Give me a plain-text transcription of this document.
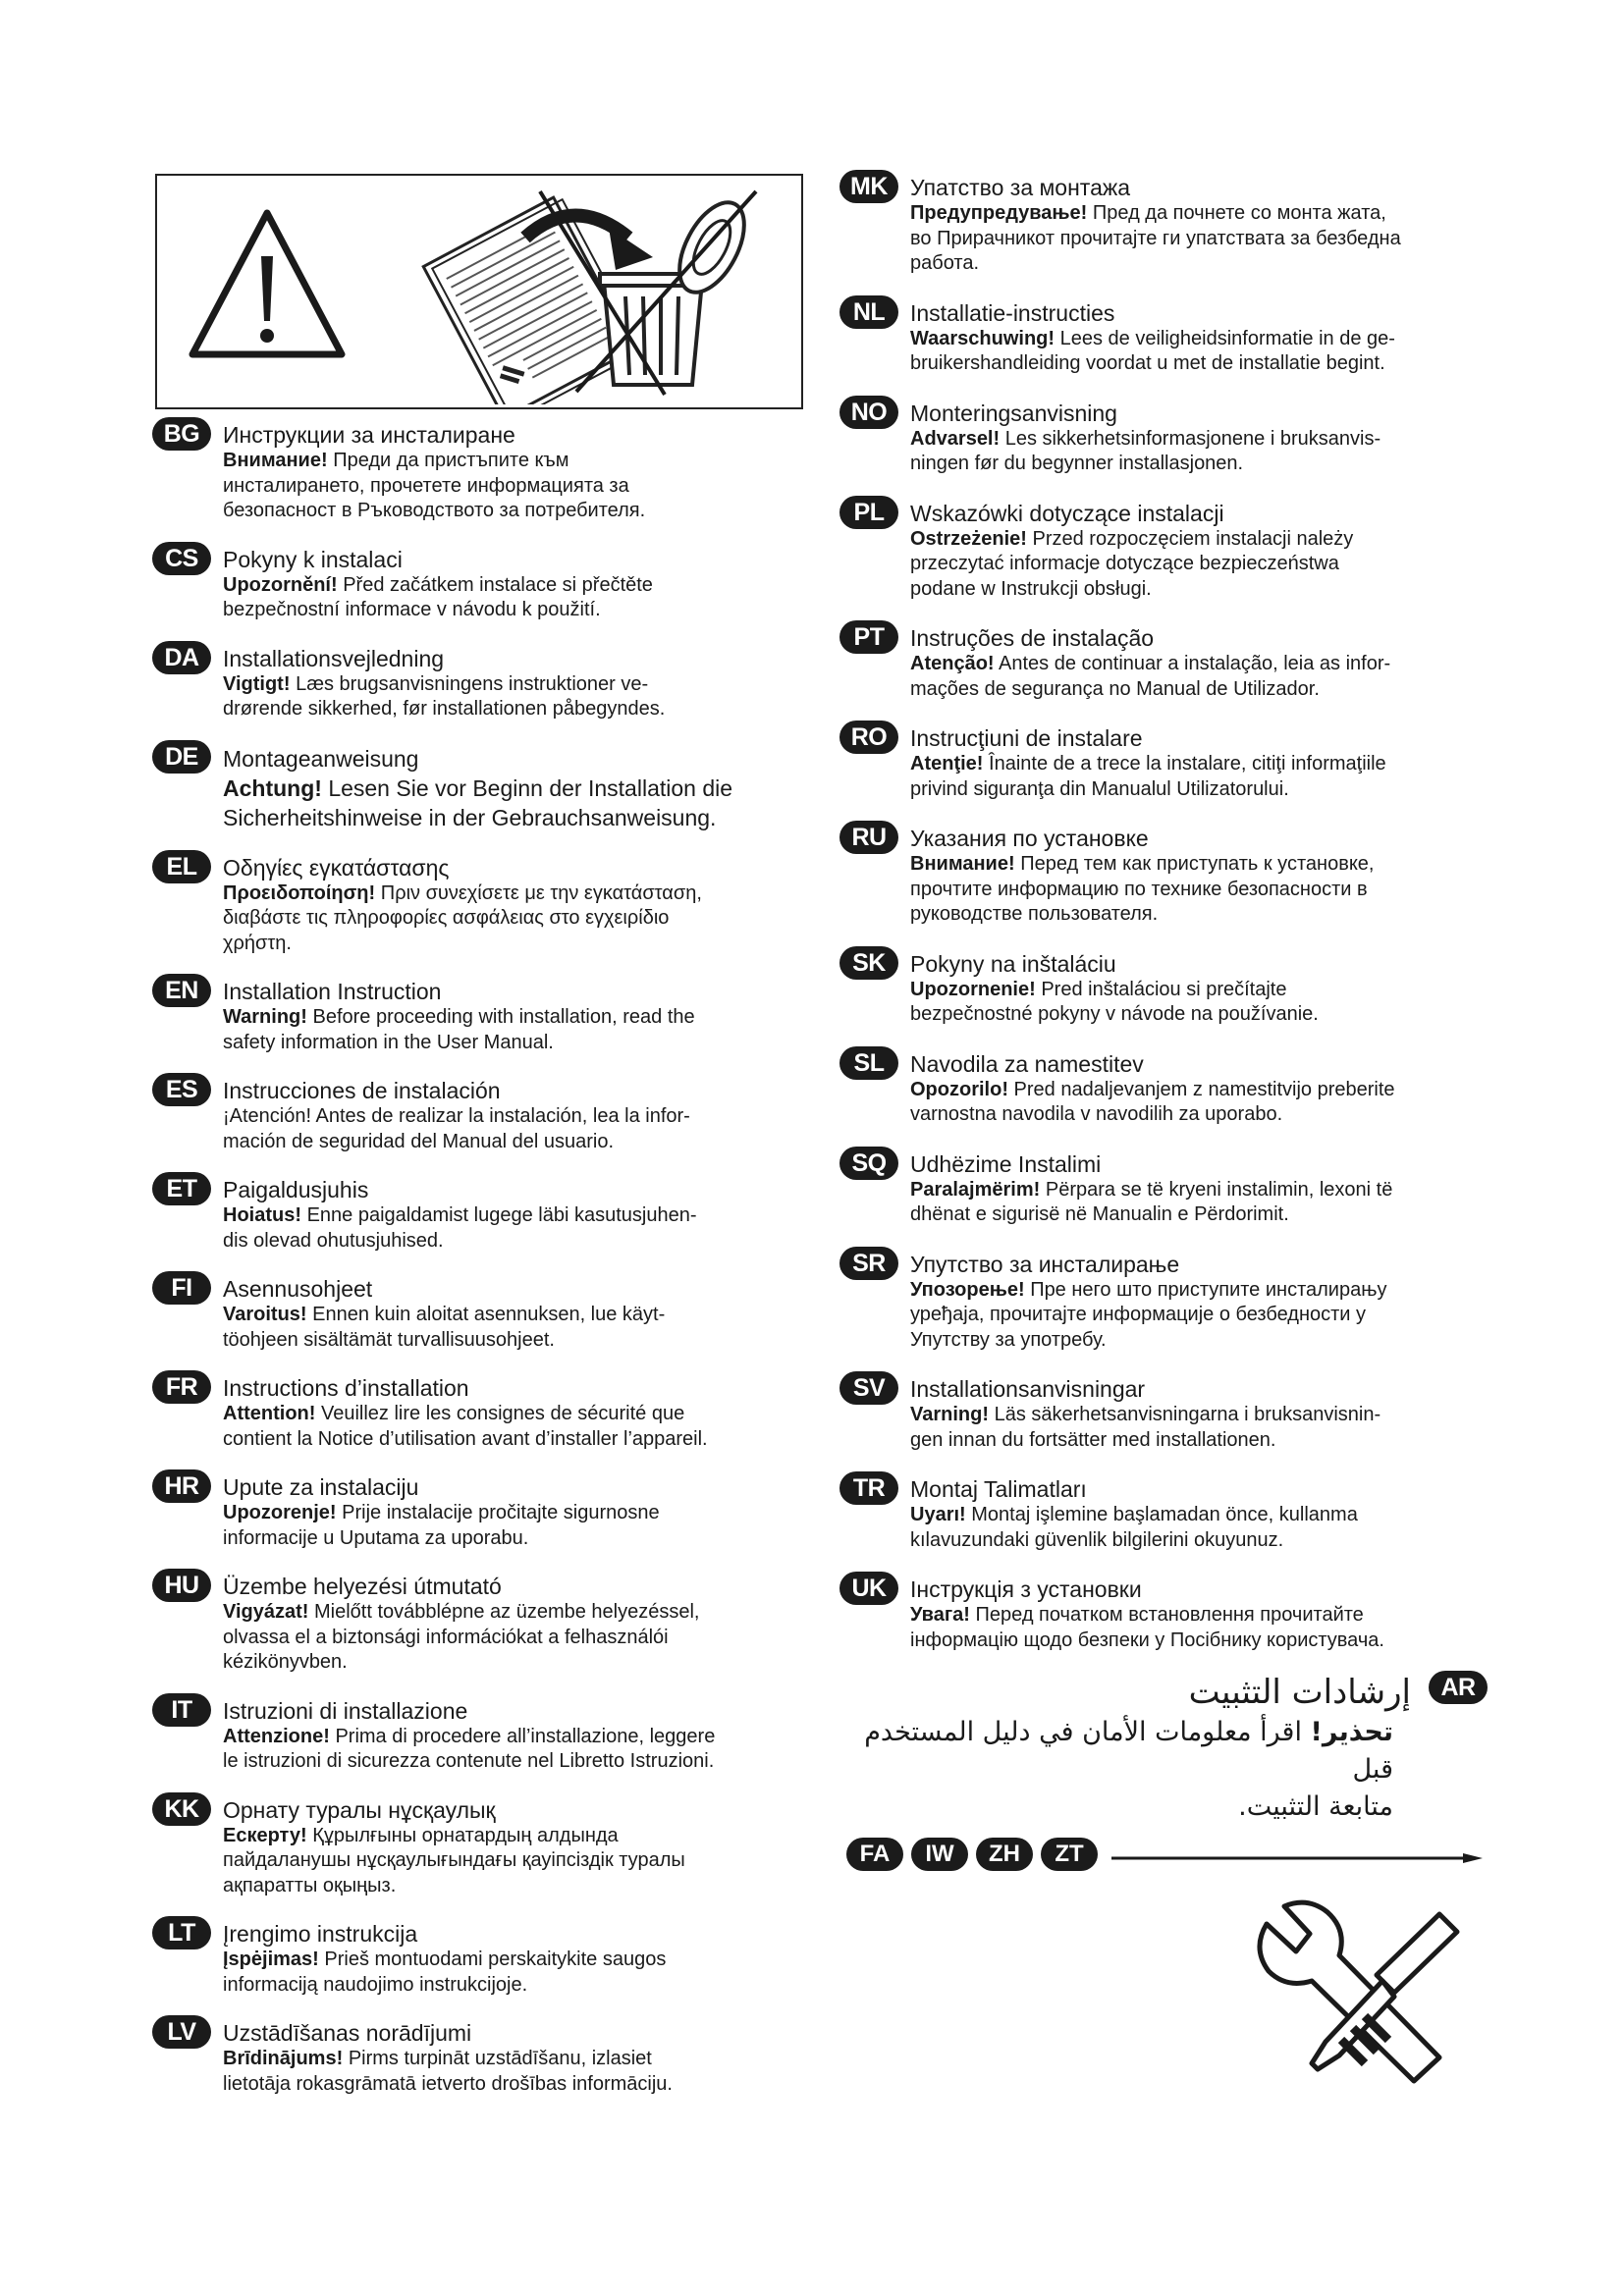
BG	Инструкции за инсталиране

Внимание! Преди да пристъпите към
инсталирането, прочетете информацията за
безопасност в Ръководството за потребителя.

CS	Pokyny k instalaci

Upozornění! Před začátkem instalace si přečtěte
bezpečnostní informace v návodu k použití.

DA	Installationsvejledning

Vigtigt! Læs brugsanvisningens instruktioner ve-
drørende sikkerhed, før installationen påbegyndes.

DE	Montageanweisung

Achtung! Lesen Sie vor Beginn der Installation die
Sicherheitshinweise in der Gebrauchsanweisung.

EL	Οδηγίες εγκατάστασης

Προειδοποίηση! Πριν συνεχίσετε με την εγκατάσταση,
διαβάστε τις πληροφορίες ασφάλειας στο εγχειρίδιο
χρήστη.

EN	Installation Instruction

Warning! Before proceeding with installation, read the
safety information in the User Manual.

ES	Instrucciones de instalación

¡Atención! Antes de realizar la instalación, lea la infor-
mación de seguridad del Manual del usuario.

ET	Paigaldusjuhis

Hoiatus! Enne paigaldamist lugege läbi kasutusjuhen-
dis olevad ohutusjuhised.

FI	Asennusohjeet

Varoitus! Ennen kuin aloitat asennuksen, lue käyt-
töohjeen sisältämät turvallisuusohjeet.

FR	Instructions d’installation

Attention! Veuillez lire les consignes de sécurité que
contient la Notice d’utilisation avant d’installer l’appareil.

HR	Upute za instalaciju

Upozorenje! Prije instalacije pročitajte sigurnosne
informacije u Uputama za uporabu.

HU	Üzembe helyezési útmutató

Vigyázat! Mielőtt továbblépne az üzembe helyezéssel,
olvassa el a biztonsági információkat a felhasználói
kézikönyvben.

IT	Istruzioni di installazione

Attenzione! Prima di procedere all’installazione, leggere
le istruzioni di sicurezza contenute nel Libretto Istruzioni.

KK	Орнату туралы нұсқаулық

Ескерту! Құрылғыны орнатардың алдында
пайдаланушы нұсқаулығындағы қауіпсіздік туралы
ақпаратты оқыңыз.

LT	Įrengimo instrukcija

Įspėjimas! Prieš montuodami perskaitykite saugos
informaciją naudojimo instrukcijoje.

LV	Uzstādīšanas norādījumi

Brīdinājums! Pirms turpināt uzstādīšanu, izlasiet
lietotāja rokasgrāmatā ietverto drošības informāciju.

MK	Упатство за монтажа

Предупредување! Пред да почнете со монта жата,
во Прирачникот прочитајте ги упатствата за безбедна
работа.

NL	Installatie-instructies

Waarschuwing! Lees de veiligheidsinformatie in de ge-
bruikershandleiding voordat u met de installatie begint.

NO	Monteringsanvisning

Advarsel! Les sikkerhetsinformasjonene i bruksanvis-
ningen før du begynner installasjonen.

PL	Wskazówki dotyczące instalacji

Ostrzeżenie! Przed rozpoczęciem instalacji należy
przeczytać informacje dotyczące bezpieczeństwa
podane w Instrukcji obsługi.

PT	Instruções de instalação

Atenção! Antes de continuar a instalação, leia as infor-
mações de segurança no Manual de Utilizador.

RO	Instrucţiuni de instalare

Atenţie! Înainte de a trece la instalare, citiţi informaţiile
privind siguranţa din Manualul Utilizatorului.

RU	Указания по установке

Внимание! Перед тем как приступать к установке,
прочтите информацию по технике безопасности в
руководстве пользователя.

SK	Pokyny na inštaláciu

Upozornenie! Pred inštaláciou si prečítajte
bezpečnostné pokyny v návode na používanie.

SL	Navodila za namestitev

Opozorilo! Pred nadaljevanjem z namestitvijo preberite
varnostna navodila v navodilih za uporabo.

SQ	Udhëzime Instalimi

Paralajmërim! Përpara se të kryeni instalimin, lexoni të
dhënat e sigurisë në Manualin e Përdorimit.

SR	Упутство за инсталирање

Упозорење! Пре него што приступите инсталирању
уређаја, прочитајте информације о безбедности у
Упутству за употребу.

SV	Installationsanvisningar

Varning! Läs säkerhetsanvisningarna i bruksanvisnin-
gen innan du fortsätter med installationen.

TR	Montaj Talimatları

Uyarı! Montaj işlemine başlamadan önce, kullanma
kılavuzundaki güvenlik bilgilerini okuyunuz.

UK	Інструкція з установки

Увага! Перед початком встановлення прочитайте
інформацію щодо безпеки у Посібнику користувача.

AR
إرشادات التثبيت
تحذير! اقرأ معلومات الأمان في دليل المستخدم قبل
متابعة التثبيت.
FA	IW	ZH	ZT
